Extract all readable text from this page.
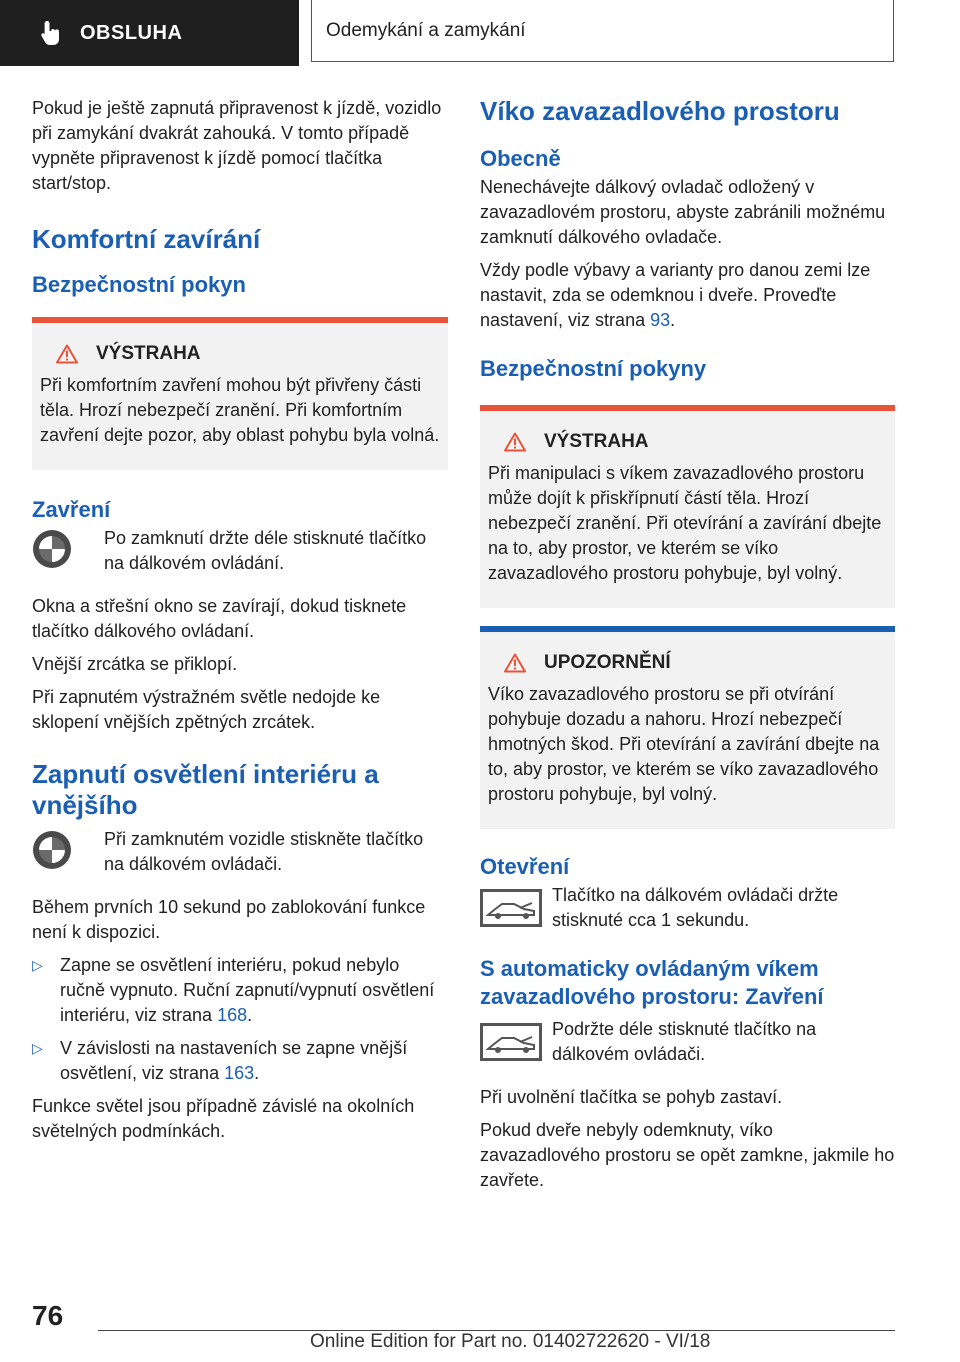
OBSLUHA	Odemykání a zamykání

Pokud je ještě zapnutá připravenost k jízdě, vozidlo při zamykání dvakrát zahouká. V tomto případě vypněte připravenost k jízdě pomocí tlačítka start/stop.

Komfortní zavírání
Bezpečnostní pokyn
VÝSTRAHA

Při komfortním zavření mohou být přivřeny části těla. Hrozí nebezpečí zranění. Při komfortním zavření dejte pozor, aby oblast pohybu byla volná.

Zavření

Po zamknutí držte déle stisknuté tlačítko na dálkovém ovládání.

Okna a střešní okno se zavírají, dokud tisknete tlačítko dálkového ovládaní.

Vnější zrcátka se přiklopí.

Při zapnutém výstražném světle nedojde ke sklopení vnějších zpětných zrcátek.

Zapnutí osvětlení interiéru a vnějšího

Při zamknutém vozidle stiskněte tlačítko na dálkovém ovládači.

Během prvních 10 sekund po zablokování funkce není k dispozici.

▷ Zapne se osvětlení interiéru, pokud nebylo ručně vypnuto. Ruční zapnutí/vypnutí osvětlení interiéru, viz strana 168.

▷ V závislosti na nastaveních se zapne vnější osvětlení, viz strana 163.

Funkce světel jsou případně závislé na okolních světelných podmínkách.

Víko zavazadlového prostoru
Obecně

Nenechávejte dálkový ovladač odložený v zavazadlovém prostoru, abyste zabránili možnému zamknutí dálkového ovladače.

Vždy podle výbavy a varianty pro danou zemi lze nastavit, zda se odemknou i dveře. Proveďte nastavení, viz strana 93.

Bezpečnostní pokyny
VÝSTRAHA

Při manipulaci s víkem zavazadlového prostoru může dojít k přiskřípnutí částí těla. Hrozí nebezpečí zranění. Při otevírání a zavírání dbejte na to, aby prostor, ve kterém se víko zavazadlového prostoru pohybuje, byl volný.

UPOZORNĚNÍ

Víko zavazadlového prostoru se při otvírání pohybuje dozadu a nahoru. Hrozí nebezpečí hmotných škod. Při otevírání a zavírání dbejte na to, aby prostor, ve kterém se víko zavazadlového prostoru pohybuje, byl volný.

Otevření

Tlačítko na dálkovém ovládači držte stisknuté cca 1 sekundu.

S automaticky ovládaným víkem zavazadlového prostoru: Zavření

Podržte déle stisknuté tlačítko na dálkovém ovládači.

Při uvolnění tlačítka se pohyb zastaví.

Pokud dveře nebyly odemknuty, víko zavazadlového prostoru se opět zamkne, jakmile ho zavřete.

76
Online Edition for Part no. 01402722620 - VI/18
